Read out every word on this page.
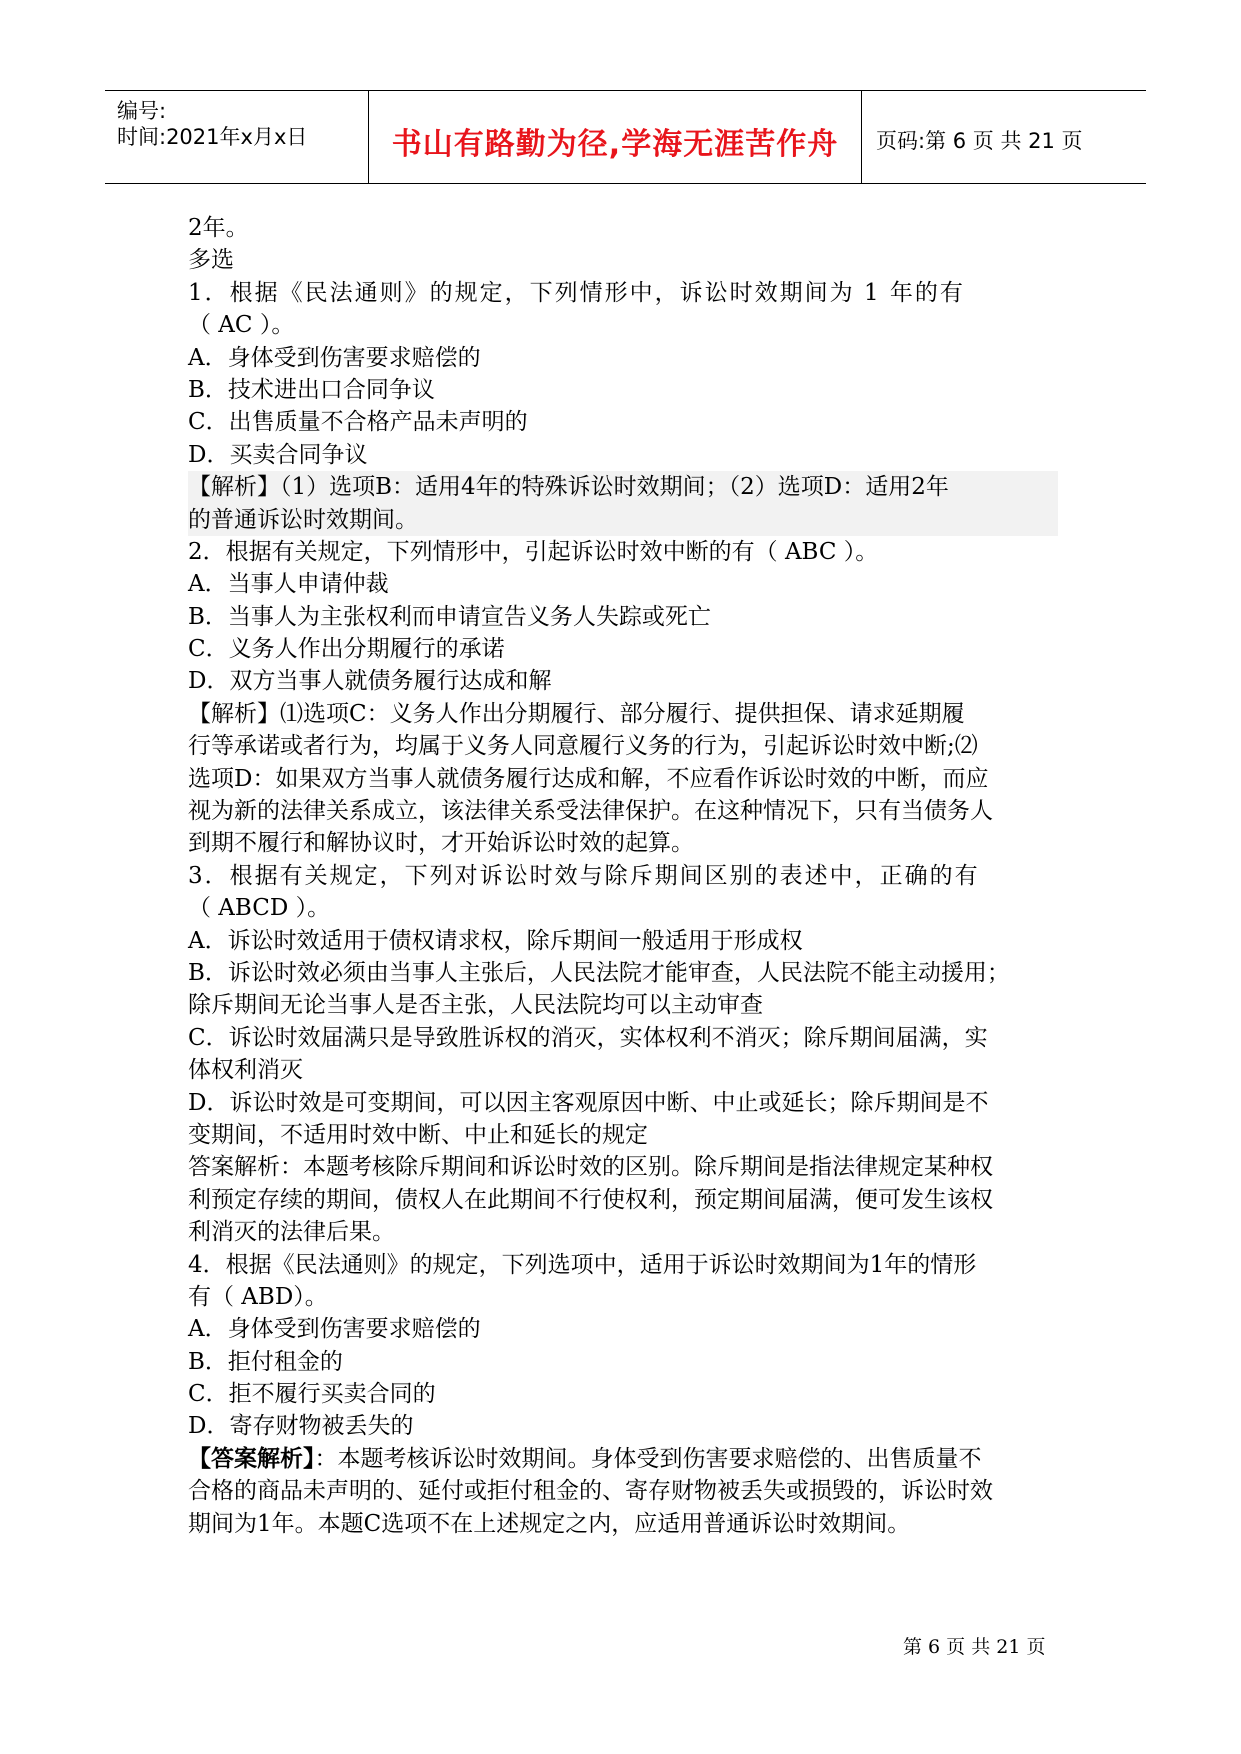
编号:
时间:2021年x月x日	书山有路勤为径,学海无涯苦作舟	页码:第 6 页 共 21 页
2年。
多选
1．根据《民法通则》的规定，下列情形中，诉讼时效期间为 1 年的有
（ AC ）。
A．身体受到伤害要求赔偿的
B．技术进出口合同争议
C．出售质量不合格产品未声明的
D．买卖合同争议
【解析】（1）选项B：适用4年的特殊诉讼时效期间；（2）选项D：适用2年
的普通诉讼时效期间。
2．根据有关规定，下列情形中，引起诉讼时效中断的有（ ABC ）。
A．当事人申请仲裁
B．当事人为主张权利而申请宣告义务人失踪或死亡
C．义务人作出分期履行的承诺
D．双方当事人就债务履行达成和解
【解析】⑴选项C：义务人作出分期履行、部分履行、提供担保、请求延期履
行等承诺或者行为，均属于义务人同意履行义务的行为，引起诉讼时效中断;⑵
选项D：如果双方当事人就债务履行达成和解，不应看作诉讼时效的中断，而应
视为新的法律关系成立，该法律关系受法律保护。在这种情况下，只有当债务人
到期不履行和解协议时，才开始诉讼时效的起算。
3．根据有关规定，下列对诉讼时效与除斥期间区别的表述中，正确的有
（ ABCD ）。
A．诉讼时效适用于债权请求权，除斥期间一般适用于形成权
B．诉讼时效必须由当事人主张后，人民法院才能审查，人民法院不能主动援用；
除斥期间无论当事人是否主张，人民法院均可以主动审查
C．诉讼时效届满只是导致胜诉权的消灭，实体权利不消灭；除斥期间届满，实
体权利消灭
D．诉讼时效是可变期间，可以因主客观原因中断、中止或延长；除斥期间是不
变期间，不适用时效中断、中止和延长的规定
答案解析：本题考核除斥期间和诉讼时效的区别。除斥期间是指法律规定某种权
利预定存续的期间，债权人在此期间不行使权利，预定期间届满，便可发生该权
利消灭的法律后果。
4．根据《民法通则》的规定，下列选项中，适用于诉讼时效期间为1年的情形
有（ ABD）。
A．身体受到伤害要求赔偿的
B．拒付租金的
C．拒不履行买卖合同的
D．寄存财物被丢失的
【答案解析】：本题考核诉讼时效期间。身体受到伤害要求赔偿的、出售质量不
合格的商品未声明的、延付或拒付租金的、寄存财物被丢失或损毁的，诉讼时效
期间为1年。本题C选项不在上述规定之内，应适用普通诉讼时效期间。
第 6 页 共 21 页
